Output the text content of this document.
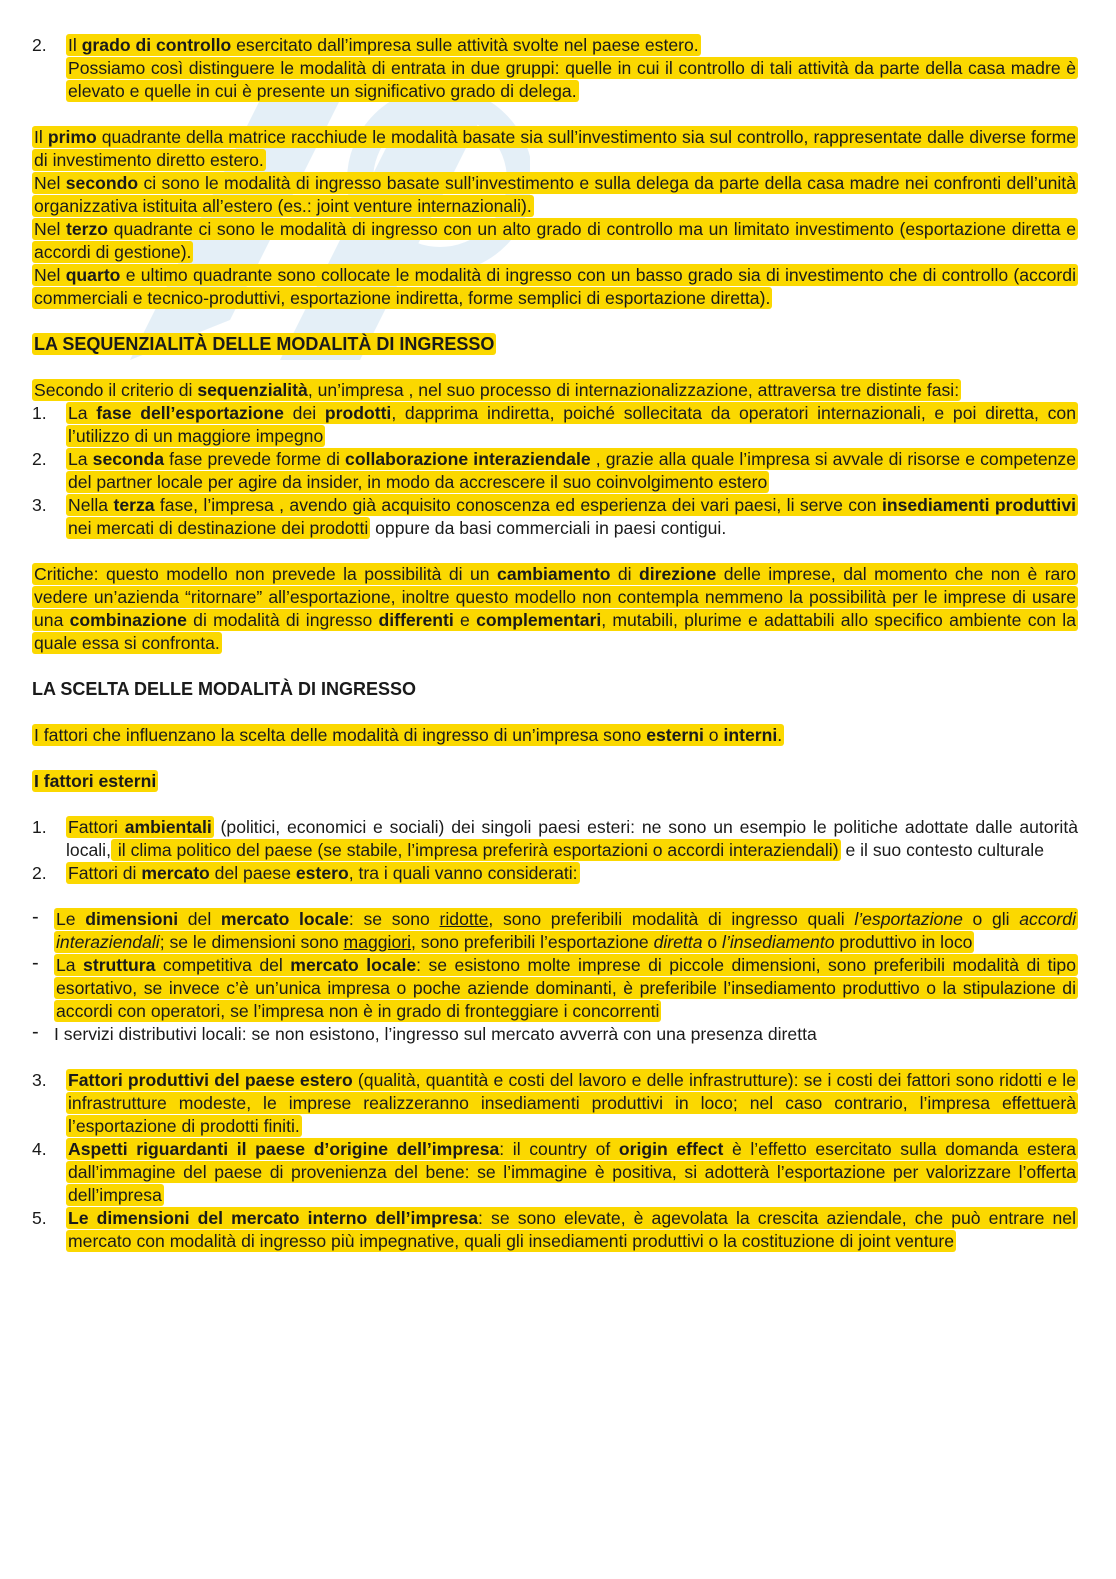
2. Il grado di controllo esercitato dall’impresa sulle attività svolte nel paese estero.
Possiamo così distinguere le modalità di entrata in due gruppi: quelle in cui il controllo di tali attività da parte della casa madre è elevato e quelle in cui è presente un significativo grado di delega.

Il primo quadrante della matrice racchiude le modalità basate sia sull’investimento sia sul controllo, rappresentate dalle diverse forme di investimento diretto estero.

Nel secondo ci sono le modalità di ingresso basate sull’investimento e sulla delega da parte della casa madre nei confronti dell’unità organizzativa istituita all’estero (es.: joint venture internazionali).

Nel terzo quadrante ci sono le modalità di ingresso con un alto grado di controllo ma un limitato investimento (esportazione diretta e accordi di gestione).

Nel quarto e ultimo quadrante sono collocate le modalità di ingresso con un basso grado sia di investimento che di controllo (accordi commerciali e tecnico-produttivi, esportazione indiretta, forme semplici di esportazione diretta).

LA SEQUENZIALITÀ DELLE MODALITÀ DI INGRESSO

Secondo il criterio di sequenzialità, un’impresa , nel suo processo di internazionalizzazione, attraversa tre distinte fasi:

1. La fase dell’esportazione dei prodotti, dapprima indiretta, poiché sollecitata da operatori internazionali, e poi diretta, con l’utilizzo di un maggiore impegno
2. La seconda fase prevede forme di collaborazione interaziendale , grazie alla quale l’impresa si avvale di risorse e competenze del partner locale per agire da insider, in modo da accrescere il suo coinvolgimento estero
3. Nella terza fase, l’impresa , avendo già acquisito conoscenza ed esperienza dei vari paesi, li serve con insediamenti produttivi nei mercati di destinazione dei prodotti oppure da basi commerciali in paesi contigui.

Critiche: questo modello non prevede la possibilità di un cambiamento di direzione delle imprese, dal momento che non è raro vedere un’azienda “ritornare” all’esportazione, inoltre questo modello non contempla nemmeno la possibilità per le imprese di usare una combinazione di modalità di ingresso differenti e complementari, mutabili, plurime e adattabili allo specifico ambiente con la quale essa si confronta.

LA SCELTA DELLE MODALITÀ DI INGRESSO

I fattori che influenzano la scelta delle modalità di ingresso di un’impresa sono esterni o interni.

I fattori esterni

1. Fattori ambientali (politici, economici e sociali) dei singoli paesi esteri: ne sono un esempio le politiche adottate dalle autorità locali, il clima politico del paese (se stabile, l’impresa preferirà esportazioni o accordi interaziendali) e il suo contesto culturale
2. Fattori di mercato del paese estero, tra i quali vanno considerati:
- Le dimensioni del mercato locale: se sono ridotte, sono preferibili modalità di ingresso quali l’esportazione o gli accordi interaziendali; se le dimensioni sono maggiori, sono preferibili l’esportazione diretta o l’insediamento produttivo in loco
- La struttura competitiva del mercato locale: se esistono molte imprese di piccole dimensioni, sono preferibili modalità di tipo esortativo, se invece c’è un’unica impresa o poche aziende dominanti, è preferibile l’insediamento produttivo o la stipulazione di accordi con operatori, se l’impresa non è in grado di fronteggiare i concorrenti
- I servizi distributivi locali: se non esistono, l’ingresso sul mercato avverrà con una presenza diretta
3. Fattori produttivi del paese estero (qualità, quantità e costi del lavoro e delle infrastrutture): se i costi dei fattori sono ridotti e le infrastrutture modeste, le imprese realizzeranno insediamenti produttivi in loco; nel caso contrario, l’impresa effettuerà l’esportazione di prodotti finiti.
4. Aspetti riguardanti il paese d’origine dell’impresa: il country of origin effect è l’effetto esercitato sulla domanda estera dall’immagine del paese di provenienza del bene: se l’immagine è positiva, si adotterà l’esportazione per valorizzare l’offerta dell’impresa
5. Le dimensioni del mercato interno dell’impresa: se sono elevate, è agevolata la crescita aziendale, che può entrare nel mercato con modalità di ingresso più impegnative, quali gli insediamenti produttivi o la costituzione di joint venture
